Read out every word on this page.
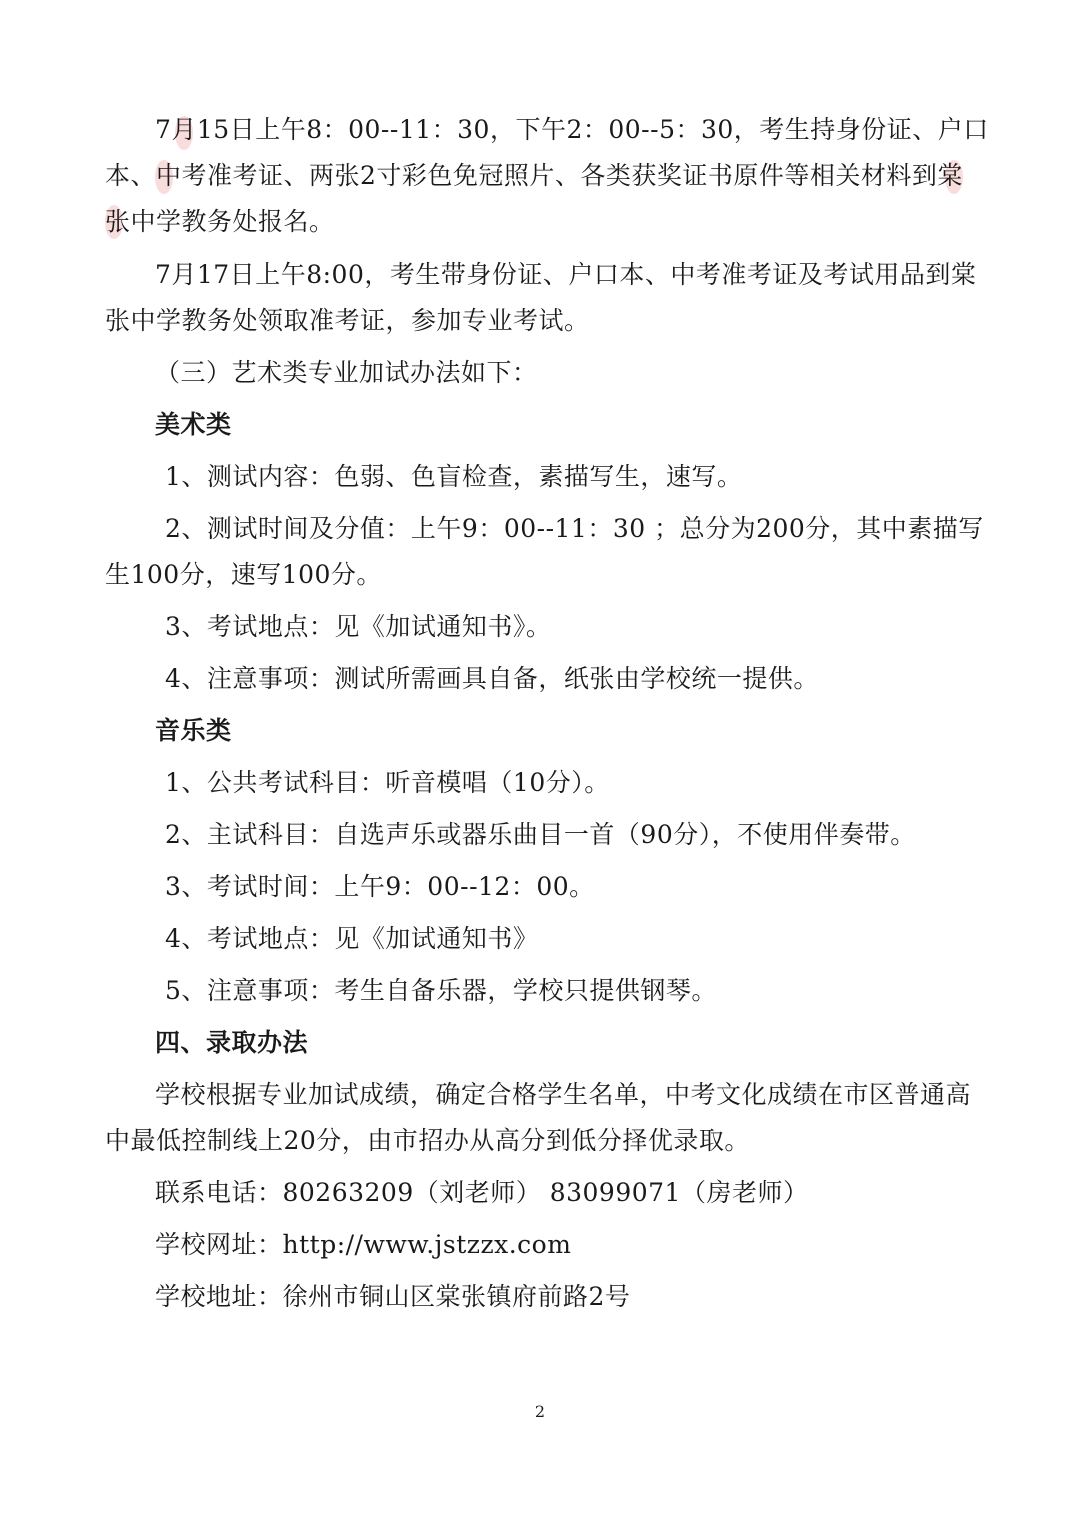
7月15日上午8：00--11：30，下午2：00--5：30，考生持身份证、户口
本、中考准考证、两张2寸彩色免冠照片、各类获奖证书原件等相关材料到棠
张中学教务处报名。
7月17日上午8:00，考生带身份证、户口本、中考准考证及考试用品到棠
张中学教务处领取准考证，参加专业考试。
（三）艺术类专业加试办法如下：
美术类
1、测试内容：色弱、色盲检查，素描写生，速写。
2、测试时间及分值：上午9：00--11：30 ；总分为200分，其中素描写
生100分，速写100分。
3、考试地点：见《加试通知书》。
4、注意事项：测试所需画具自备，纸张由学校统一提供。
音乐类
1、公共考试科目：听音模唱（10分）。
2、主试科目：自选声乐或器乐曲目一首（90分），不使用伴奏带。
3、考试时间：上午9：00--12：00。
4、考试地点：见《加试通知书》
5、注意事项：考生自备乐器，学校只提供钢琴。
四、录取办法
学校根据专业加试成绩，确定合格学生名单，中考文化成绩在市区普通高
中最低控制线上20分，由市招办从高分到低分择优录取。
联系电话：80263209（刘老师） 83099071（房老师）
学校网址：http://www.jstzzx.com
学校地址：徐州市铜山区棠张镇府前路2号
2
